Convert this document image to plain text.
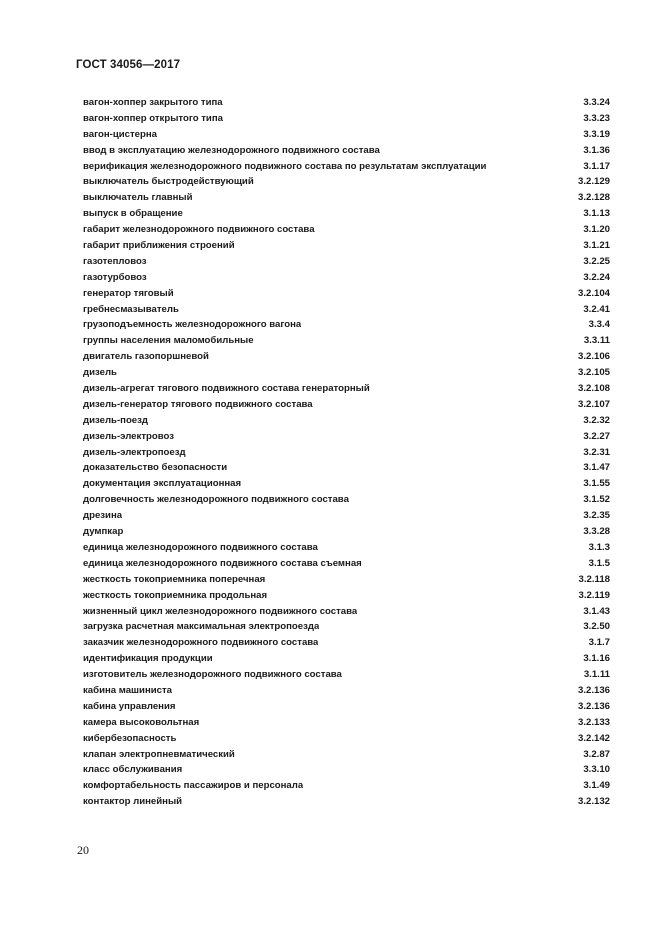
ГОСТ 34056—2017
вагон-хоппер закрытого типа	3.3.24
вагон-хоппер открытого типа	3.3.23
вагон-цистерна	3.3.19
ввод в эксплуатацию железнодорожного подвижного состава	3.1.36
верификация железнодорожного подвижного состава по результатам эксплуатации	3.1.17
выключатель быстродействующий	3.2.129
выключатель главный	3.2.128
выпуск в обращение	3.1.13
габарит железнодорожного подвижного состава	3.1.20
габарит приближения строений	3.1.21
газотепловоз	3.2.25
газотурбовоз	3.2.24
генератор тяговый	3.2.104
гребнесмазыватель	3.2.41
грузоподъемность железнодорожного вагона	3.3.4
группы населения маломобильные	3.3.11
двигатель газопоршневой	3.2.106
дизель	3.2.105
дизель-агрегат тягового подвижного состава генераторный	3.2.108
дизель-генератор тягового подвижного состава	3.2.107
дизель-поезд	3.2.32
дизель-электровоз	3.2.27
дизель-электропоезд	3.2.31
доказательство безопасности	3.1.47
документация эксплуатационная	3.1.55
долговечность железнодорожного подвижного состава	3.1.52
дрезина	3.2.35
думпкар	3.3.28
единица железнодорожного подвижного состава	3.1.3
единица железнодорожного подвижного состава съемная	3.1.5
жесткость токоприемника поперечная	3.2.118
жесткость токоприемника продольная	3.2.119
жизненный цикл железнодорожного подвижного состава	3.1.43
загрузка расчетная максимальная электропоезда	3.2.50
заказчик железнодорожного подвижного состава	3.1.7
идентификация продукции	3.1.16
изготовитель железнодорожного подвижного состава	3.1.11
кабина машиниста	3.2.136
кабина управления	3.2.136
камера высоковольтная	3.2.133
кибербезопасность	3.2.142
клапан электропневматический	3.2.87
класс обслуживания	3.3.10
комфортабельность пассажиров и персонала	3.1.49
контактор линейный	3.2.132
20
